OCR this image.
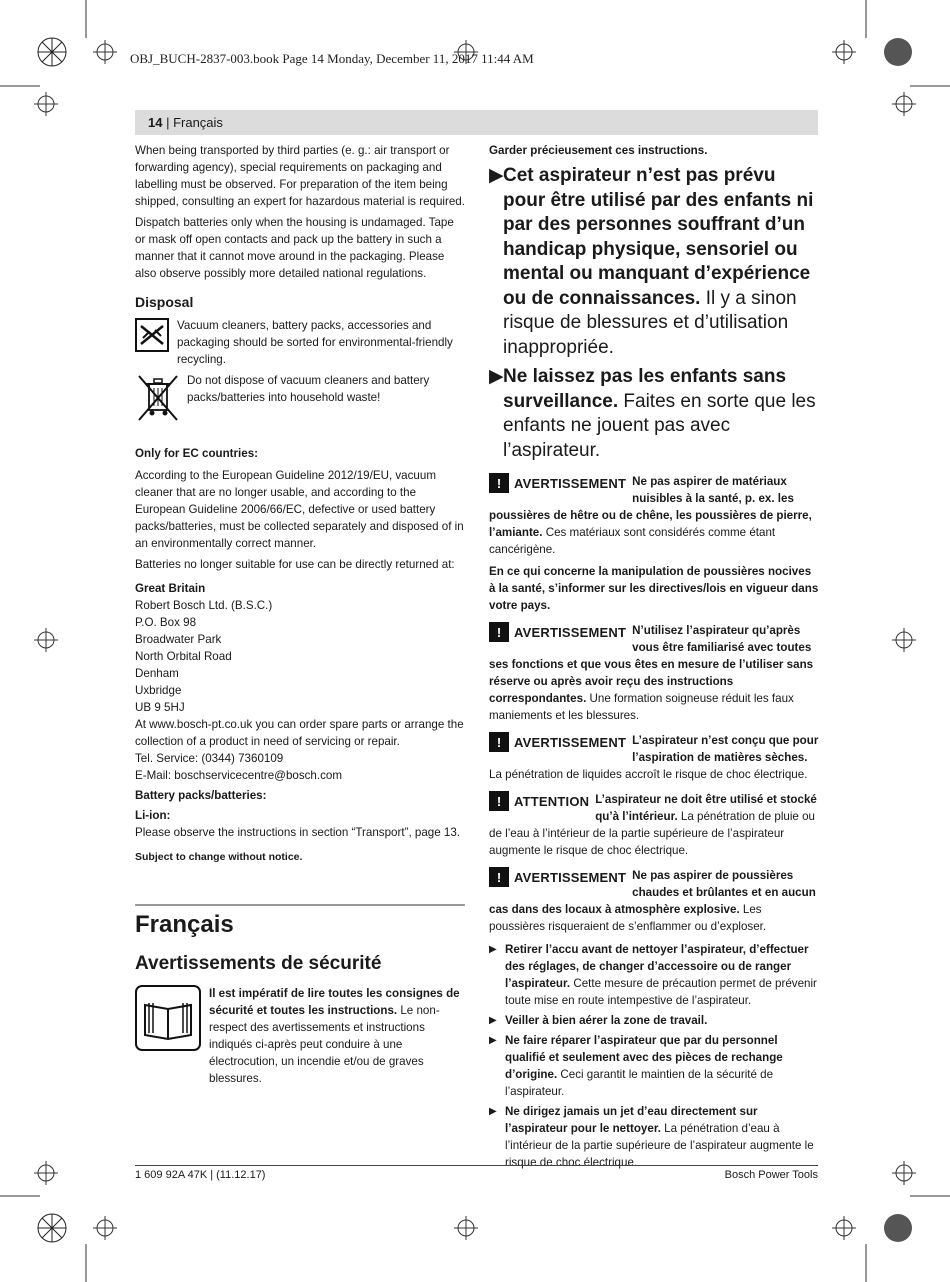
OBJ_BUCH-2837-003.book Page 14 Monday, December 11, 2017 11:44 AM
14 | Français

When being transported by third parties (e. g.: air transport or forwarding agency), special requirements on packaging and labelling must be observed. For preparation of the item being shipped, consulting an expert for hazardous material is required.

Dispatch batteries only when the housing is undamaged. Tape or mask off open contacts and pack up the battery in such a manner that it cannot move around in the packaging. Please also observe possibly more detailed national regulations.

Disposal

Vacuum cleaners, battery packs, accessories and packaging should be sorted for environmental-friendly recycling.

Do not dispose of vacuum cleaners and battery packs/batteries into household waste!

Only for EC countries:

According to the European Guideline 2012/19/EU, vacuum cleaner that are no longer usable, and according to the European Guideline 2006/66/EC, defective or used battery packs/batteries, must be collected separately and disposed of in an environmentally correct manner.

Batteries no longer suitable for use can be directly returned at:

Great Britain

Robert Bosch Ltd. (B.S.C.)

P.O. Box 98

Broadwater Park

North Orbital Road

Denham

Uxbridge

UB 9 5HJ

At www.bosch-pt.co.uk you can order spare parts or arrange the collection of a product in need of servicing or repair.

Tel. Service: (0344) 7360109

E-Mail: boschservicecentre@bosch.com

Battery packs/batteries:

Li-ion:

Please observe the instructions in section “Transport”, page 13.

Subject to change without notice.

Français
Avertissements de sécurité

Il est impératif de lire toutes les consignes de sécurité et toutes les instructions. Le non-respect des avertissements et instructions indiqués ci-après peut conduire à une électrocution, un incendie et/ou de graves blessures.

Garder précieusement ces instructions.

▶ Cet aspirateur n’est pas prévu pour être utilisé par des enfants ni par des personnes souffrant d’un handicap physique, sensoriel ou mental ou manquant d’expérience ou de connaissances. Il y a sinon risque de blessures et d’utilisation inappropriée.
▶ Ne laissez pas les enfants sans surveillance. Faites en sorte que les enfants ne jouent pas avec l’aspirateur.
! AVERTISSEMENT Ne pas aspirer de matériaux nuisibles à la santé, p. ex. les poussières de hêtre ou de chêne, les poussières de pierre, l’amiante. Ces matériaux sont considérés comme étant cancérigène.

En ce qui concerne la manipulation de poussières nocives à la santé, s’informer sur les directives/lois en vigueur dans votre pays.

! AVERTISSEMENT N’utilisez l’aspirateur qu’après vous être familiarisé avec toutes ses fonctions et que vous êtes en mesure de l’utiliser sans réserve ou après avoir reçu des instructions correspondantes. Une formation soigneuse réduit les faux maniements et les blessures.

! AVERTISSEMENT L’aspirateur n’est conçu que pour l’aspiration de matières sèches. La pénétration de liquides accroît le risque de choc électrique.

! ATTENTION L’aspirateur ne doit être utilisé et stocké qu’à l’intérieur. La pénétration de pluie ou de l’eau à l’intérieur de la partie supérieure de l’aspirateur augmente le risque de choc électrique.

! AVERTISSEMENT Ne pas aspirer de poussières chaudes et brûlantes et en aucun cas dans des locaux à atmosphère explosive. Les poussières risqueraient de s’enflammer ou d’exploser.

▶ Retirer l’accu avant de nettoyer l’aspirateur, d’effectuer des réglages, de changer d’accessoire ou de ranger l’aspirateur. Cette mesure de précaution permet de prévenir toute mise en route intempestive de l’aspirateur.

▶ Veiller à bien aérer la zone de travail.

▶ Ne faire réparer l’aspirateur que par du personnel qualifié et seulement avec des pièces de rechange d’origine. Ceci garantit le maintien de la sécurité de l’aspirateur.

▶ Ne dirigez jamais un jet d’eau directement sur l’aspirateur pour le nettoyer. La pénétration d’eau à l’intérieur de la partie supérieure de l’aspirateur augmente le risque de choc électrique.

1 609 92A 47K | (11.12.17)	Bosch Power Tools
